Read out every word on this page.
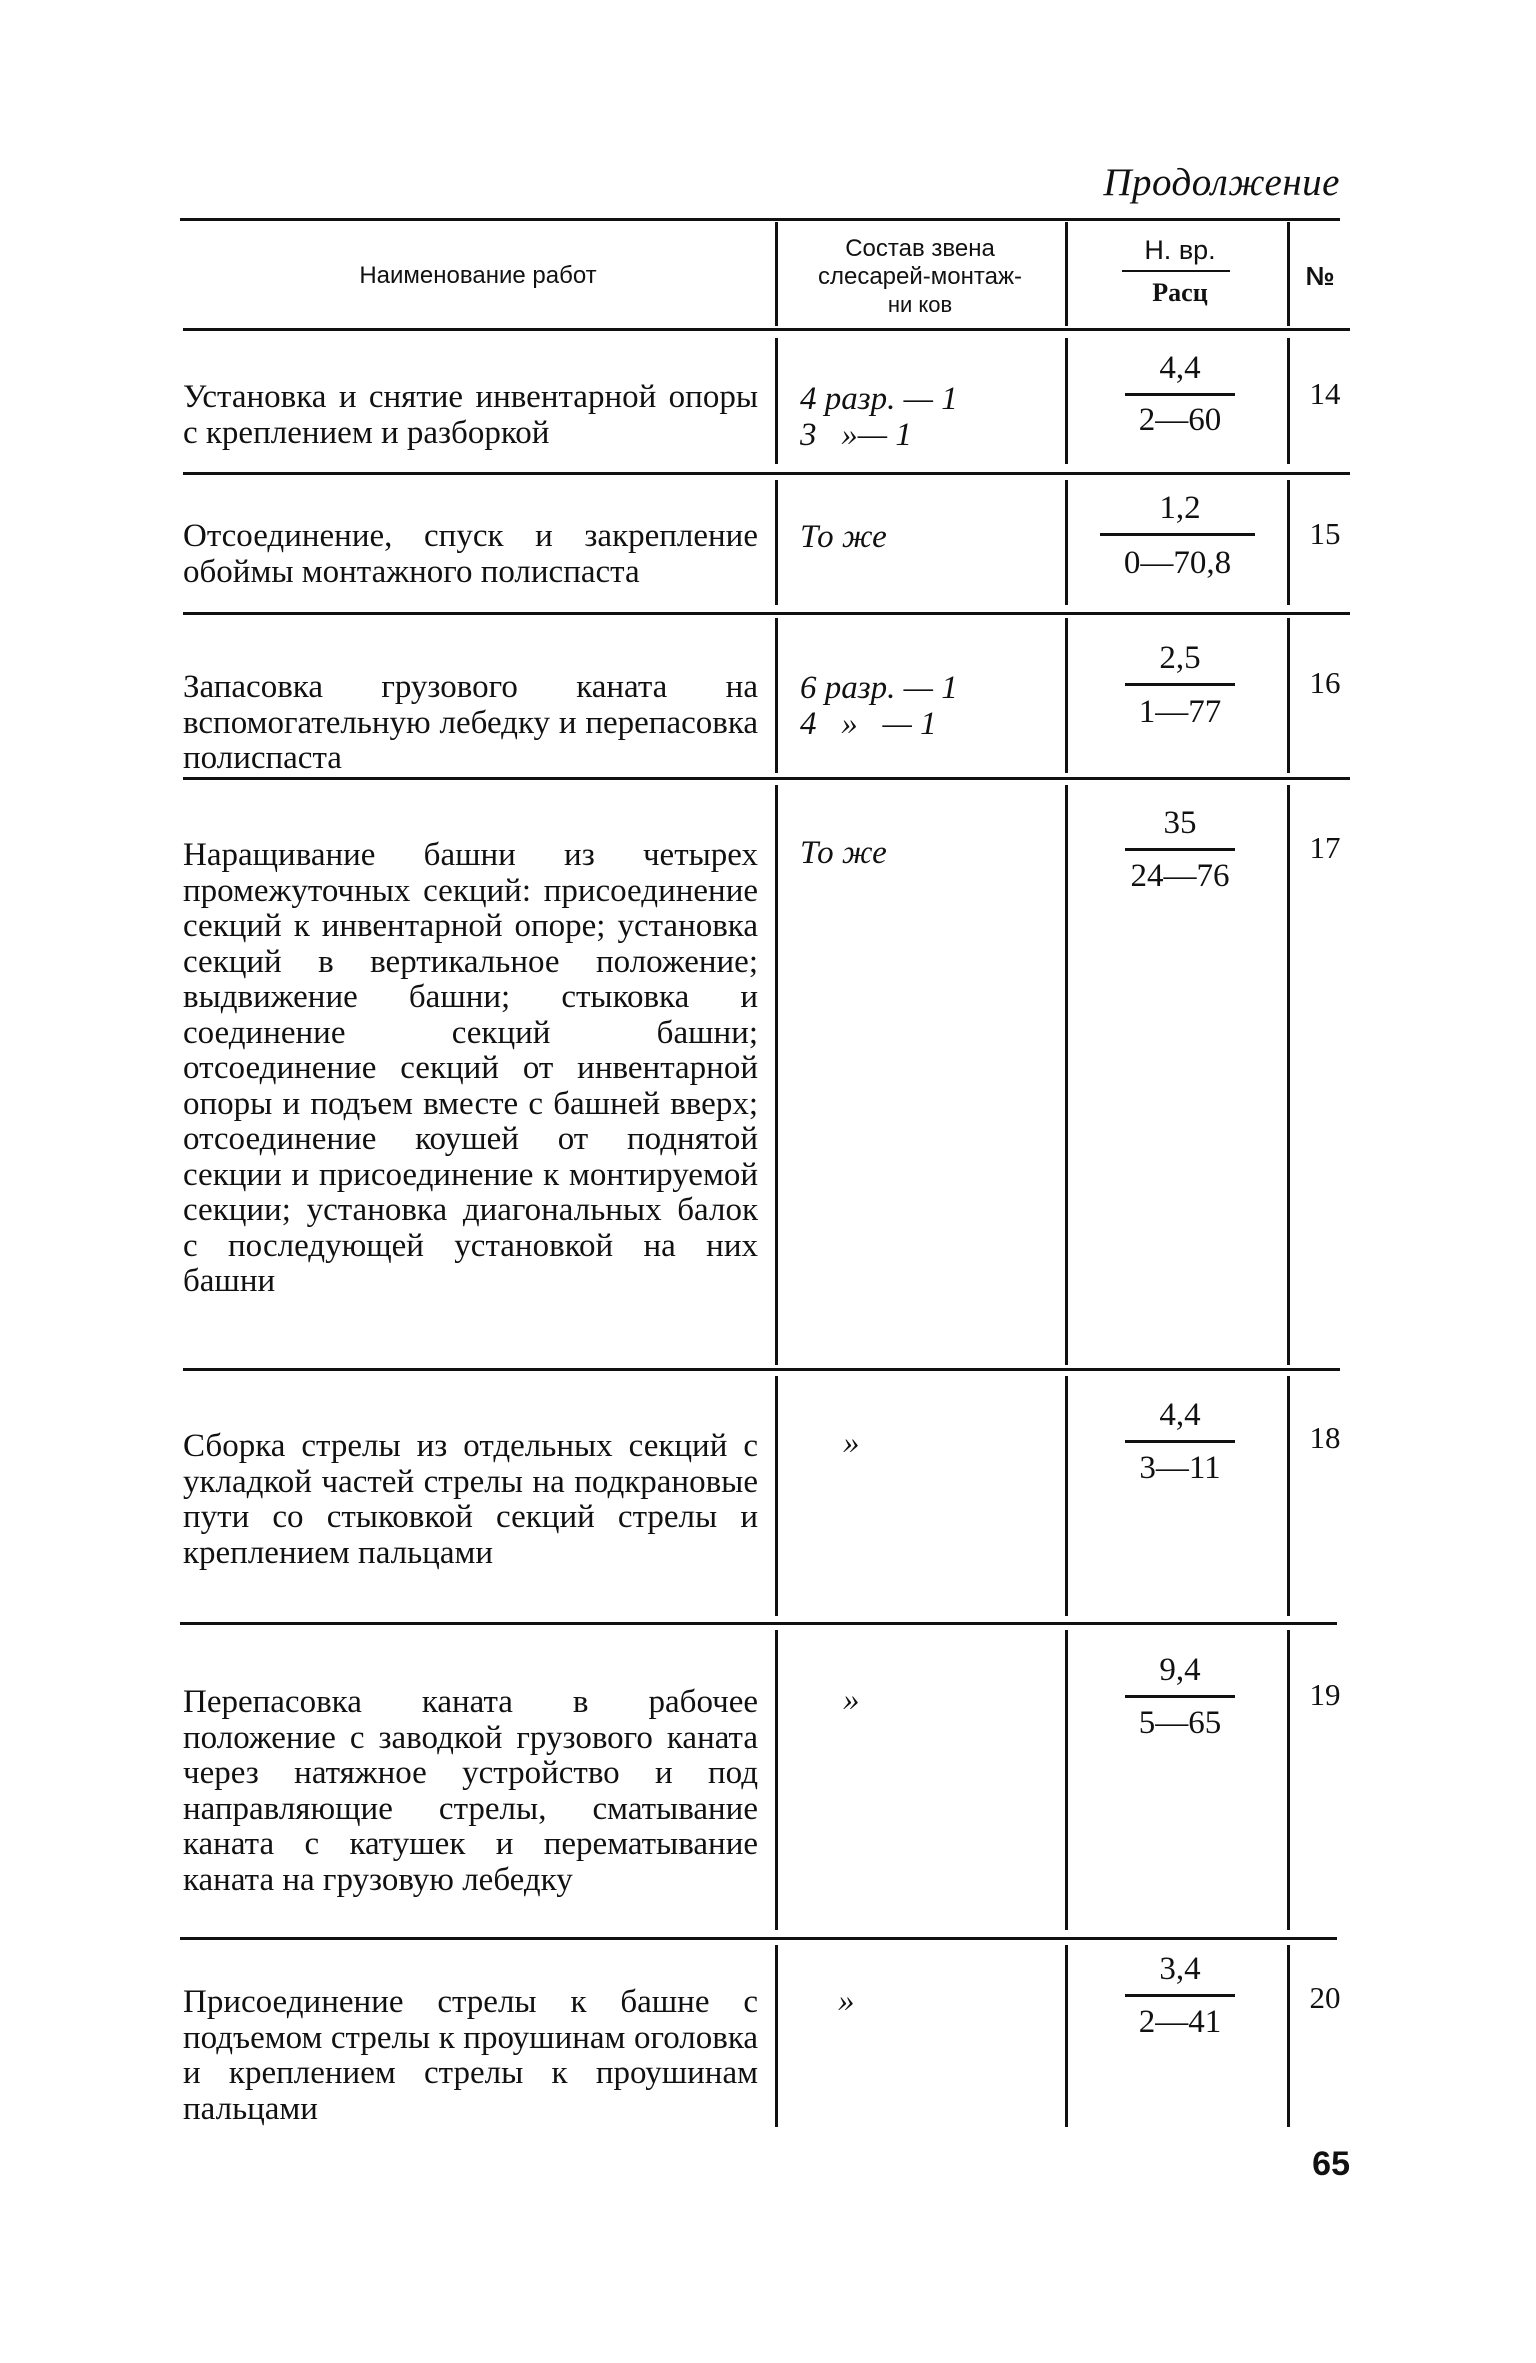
Продолжение
Наименование работ
Состав звена
слесарей-монтаж-
ни ков
Н. вр.
Расц
№
Установка и снятие инвентарной опоры с креплением и разборкой
4 разр. — 1
3   »— 1
4,4
2—60
14
Отсоединение, спуск и закрепление обоймы монтажного полиспаста
То же
1,2
0—70,8
15
Запасовка грузового каната на вспомогательную лебедку и перепасовка полиспаста
6 разр. — 1
4   »   — 1
2,5
1—77
16
Наращивание башни из четырех промежуточных секций: присоединение секций к инвентарной опоре; установка секций в вертикальное положение; выдвижение башни; стыковка и соединение секций башни; отсоединение секций от инвентарной опоры и подъем вместе с башней вверх; отсоединение коушей от поднятой секции и присоединение к монтируемой секции; установка диагональных балок с последующей установкой на них башни
То же
35
24—76
17
Сборка стрелы из отдельных секций с укладкой частей стрелы на подкрановые пути со стыковкой секций стрелы и креплением пальцами
»
4,4
3—11
18
Перепасовка каната в рабочее положение с заводкой грузового каната через натяжное устройство и под направляющие стрелы, сматывание каната с катушек и перематывание каната на грузовую лебедку
»
9,4
5—65
19
Присоединение стрелы к башне с подъемом стрелы к проушинам оголовка и креплением стрелы к проушинам пальцами
»
3,4
2—41
20
65
